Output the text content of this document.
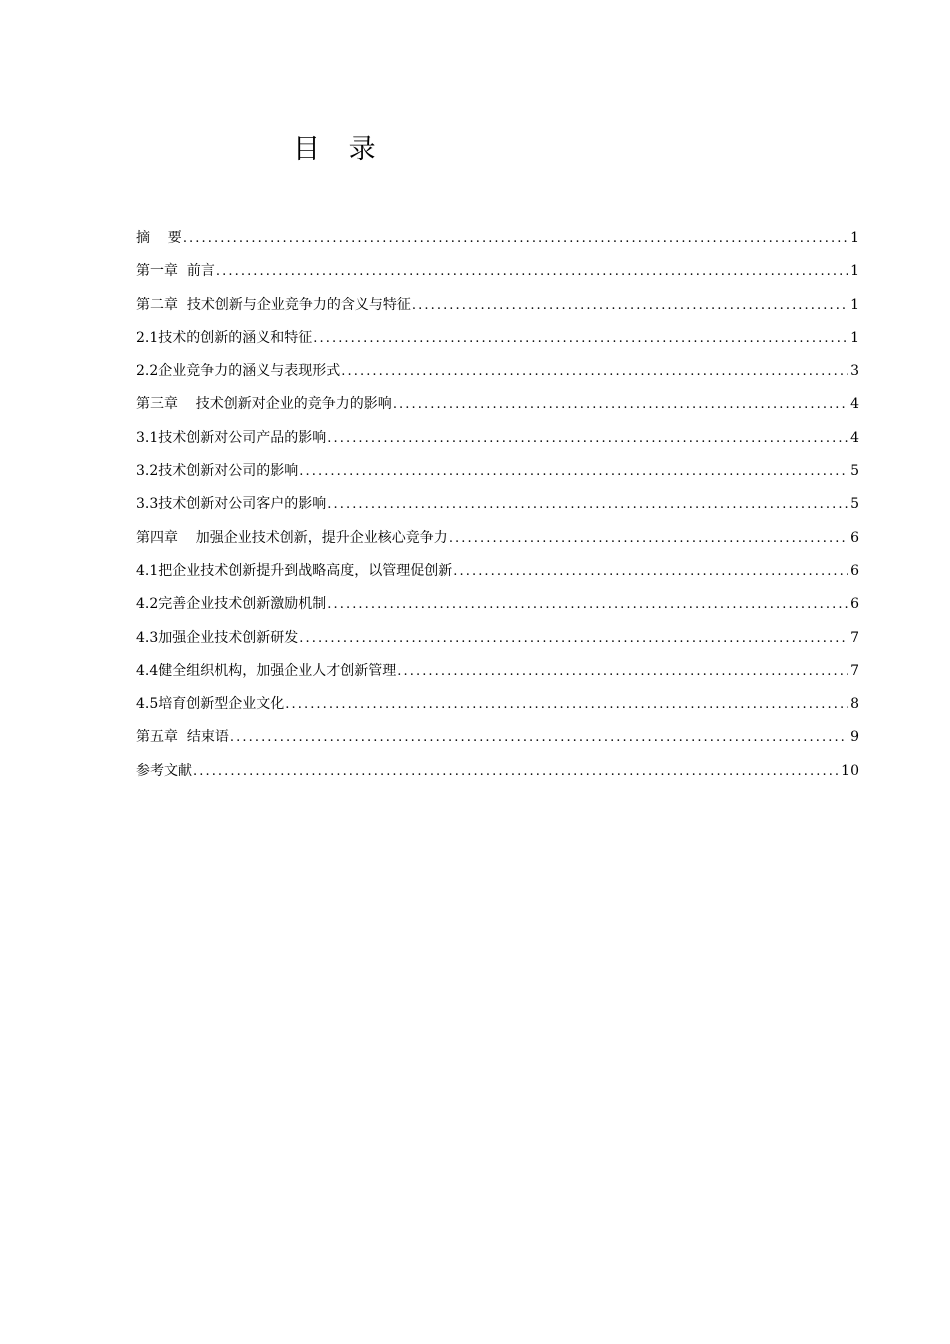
目 录
摘    要 .....	1
第一章  前言 .....	1
第二章  技术创新与企业竞争力的含义与特征 .....	1
2.1技术的创新的涵义和特征 .....	1
2.2企业竞争力的涵义与表现形式 .....	3
第三章    技术创新对企业的竞争力的影响 .....	4
3.1技术创新对公司产品的影响 .....	4
3.2技术创新对公司的影响 .....	5
3.3技术创新对公司客户的影响 .....	5
第四章    加强企业技术创新，提升企业核心竞争力 .....	6
4.1把企业技术创新提升到战略高度，以管理促创新 .....	6
4.2完善企业技术创新激励机制 .....	6
4.3加强企业技术创新研发 .....	7
4.4健全组织机构，加强企业人才创新管理 .....	7
4.5培育创新型企业文化 .....	8
第五章  结束语 .....	9
参考文献 .....	10
